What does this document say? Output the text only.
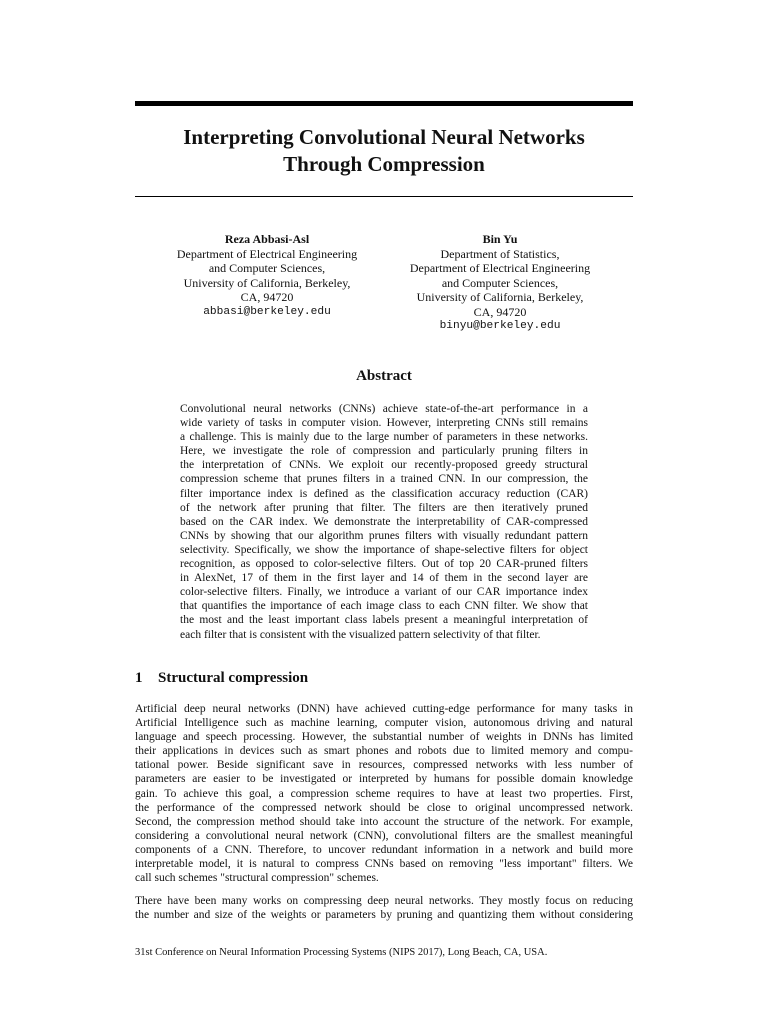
Interpreting Convolutional Neural Networks
Through Compression
Reza Abbasi-Asl
Department of Electrical Engineering
and Computer Sciences,
University of California, Berkeley,
CA, 94720
abbasi@berkeley.edu
Bin Yu
Department of Statistics,
Department of Electrical Engineering
and Computer Sciences,
University of California, Berkeley,
CA, 94720
binyu@berkeley.edu
Abstract
Convolutional neural networks (CNNs) achieve state-of-the-art performance in a
wide variety of tasks in computer vision. However, interpreting CNNs still remains
a challenge. This is mainly due to the large number of parameters in these networks.
Here, we investigate the role of compression and particularly pruning filters in
the interpretation of CNNs. We exploit our recently-proposed greedy structural
compression scheme that prunes filters in a trained CNN. In our compression, the
filter importance index is defined as the classification accuracy reduction (CAR)
of the network after pruning that filter. The filters are then iteratively pruned
based on the CAR index. We demonstrate the interpretability of CAR-compressed
CNNs by showing that our algorithm prunes filters with visually redundant pattern
selectivity. Specifically, we show the importance of shape-selective filters for object
recognition, as opposed to color-selective filters. Out of top 20 CAR-pruned filters
in AlexNet, 17 of them in the first layer and 14 of them in the second layer are
color-selective filters. Finally, we introduce a variant of our CAR importance index
that quantifies the importance of each image class to each CNN filter. We show that
the most and the least important class labels present a meaningful interpretation of
each filter that is consistent with the visualized pattern selectivity of that filter.
1 Structural compression
Artificial deep neural networks (DNN) have achieved cutting-edge performance for many tasks in
Artificial Intelligence such as machine learning, computer vision, autonomous driving and natural
language and speech processing. However, the substantial number of weights in DNNs has limited
their applications in devices such as smart phones and robots due to limited memory and compu-
tational power. Beside significant save in resources, compressed networks with less number of
parameters are easier to be investigated or interpreted by humans for possible domain knowledge
gain. To achieve this goal, a compression scheme requires to have at least two properties. First,
the performance of the compressed network should be close to original uncompressed network.
Second, the compression method should take into account the structure of the network. For example,
considering a convolutional neural network (CNN), convolutional filters are the smallest meaningful
components of a CNN. Therefore, to uncover redundant information in a network and build more
interpretable model, it is natural to compress CNNs based on removing "less important" filters. We
call such schemes "structural compression" schemes.
There have been many works on compressing deep neural networks. They mostly focus on reducing
the number and size of the weights or parameters by pruning and quantizing them without considering
31st Conference on Neural Information Processing Systems (NIPS 2017), Long Beach, CA, USA.
